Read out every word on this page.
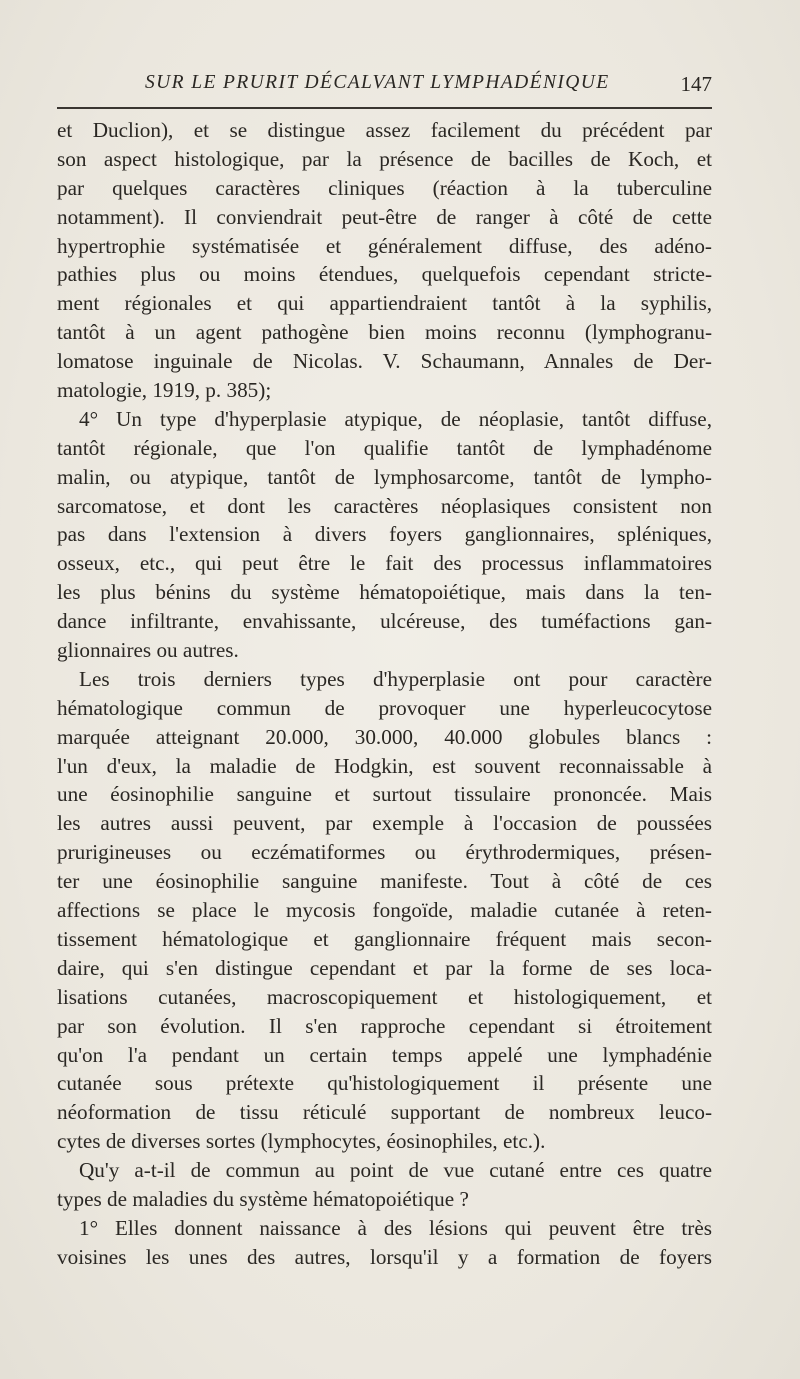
SUR LE PRURIT DÉCALVANT LYMPHADÉNIQUE	147
et Duclion), et se distingue assez facilement du précédent par
son aspect histologique, par la présence de bacilles de Koch, et
par quelques caractères cliniques (réaction à la tuberculine
notamment). Il conviendrait peut-être de ranger à côté de cette
hypertrophie systématisée et généralement diffuse, des adéno-
pathies plus ou moins étendues, quelquefois cependant stricte-
ment régionales et qui appartiendraient tantôt à la syphilis,
tantôt à un agent pathogène bien moins reconnu (lymphogranu-
lomatose inguinale de Nicolas. V. Schaumann, Annales de Der-
matologie, 1919, p. 385);
4° Un type d'hyperplasie atypique, de néoplasie, tantôt diffuse,
tantôt régionale, que l'on qualifie tantôt de lymphadénome
malin, ou atypique, tantôt de lymphosarcome, tantôt de lympho-
sarcomatose, et dont les caractères néoplasiques consistent non
pas dans l'extension à divers foyers ganglionnaires, spléniques,
osseux, etc., qui peut être le fait des processus inflammatoires
les plus bénins du système hématopoiétique, mais dans la ten-
dance infiltrante, envahissante, ulcéreuse, des tuméfactions gan-
glionnaires ou autres.
Les trois derniers types d'hyperplasie ont pour caractère
hématologique commun de provoquer une hyperleucocytose
marquée atteignant 20.000, 30.000, 40.000 globules blancs :
l'un d'eux, la maladie de Hodgkin, est souvent reconnaissable à
une éosinophilie sanguine et surtout tissulaire prononcée. Mais
les autres aussi peuvent, par exemple à l'occasion de poussées
prurigineuses ou eczématiformes ou érythrodermiques, présen-
ter une éosinophilie sanguine manifeste. Tout à côté de ces
affections se place le mycosis fongoïde, maladie cutanée à reten-
tissement hématologique et ganglionnaire fréquent mais secon-
daire, qui s'en distingue cependant et par la forme de ses loca-
lisations cutanées, macroscopiquement et histologiquement, et
par son évolution. Il s'en rapproche cependant si étroitement
qu'on l'a pendant un certain temps appelé une lymphadénie
cutanée sous prétexte qu'histologiquement il présente une
néoformation de tissu réticulé supportant de nombreux leuco-
cytes de diverses sortes (lymphocytes, éosinophiles, etc.).
Qu'y a-t-il de commun au point de vue cutané entre ces quatre
types de maladies du système hématopoiétique ?
1° Elles donnent naissance à des lésions qui peuvent être très
voisines les unes des autres, lorsqu'il y a formation de foyers
